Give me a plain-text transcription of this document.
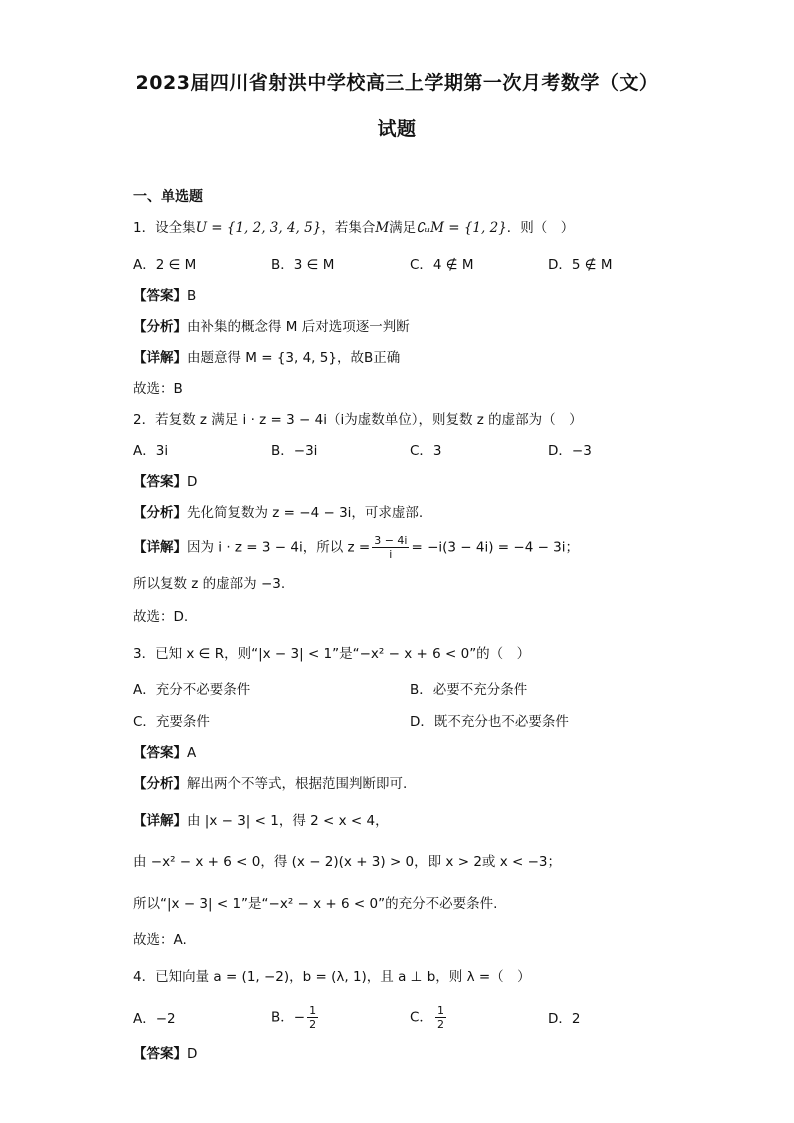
2023届四川省射洪中学校高三上学期第一次月考数学（文）
试题
一、单选题
1．设全集U = {1, 2, 3, 4, 5}，若集合M满足∁ᵤM = {1, 2}．则（　）
A．2 ∈ M	B．3 ∈ M	C．4 ∉ M	D．5 ∉ M
【答案】B
【分析】由补集的概念得 M 后对选项逐一判断
【详解】由题意得 M = {3, 4, 5}，故B正确
故选：B
2．若复数 z 满足 i · z = 3 − 4i（i为虚数单位），则复数 z 的虚部为（　）
A．3i	B．−3i	C．3	D．−3
【答案】D
【分析】先化简复数为 z = −4 − 3i，可求虚部.
【详解】因为 i · z = 3 − 4i，所以 $z = \frac{3 - 4i}{i} = -i(3 - 4i) = -4 - 3i$；
所以复数 z 的虚部为 −3.
故选：D.
3．已知 x ∈ R，则“|x − 3| < 1”是“−x² − x + 6 < 0”的（　）
A．充分不必要条件	B．必要不充分条件
C．充要条件	D．既不充分也不必要条件
【答案】A
【分析】解出两个不等式，根据范围判断即可.
【详解】由 |x − 3| < 1，得 2 < x < 4，
由 −x² − x + 6 < 0，得 (x − 2)(x + 3) > 0，即 x > 2或 x < −3；
所以“|x − 3| < 1”是“−x² − x + 6 < 0”的充分不必要条件.
故选：A.
4．已知向量 a = (1, −2)，b = (λ, 1)，且 a ⊥ b，则 λ =（　）
A．−2	B．− $\frac{1}{2}$	C． $\frac{1}{2}$	D．2
【答案】D
